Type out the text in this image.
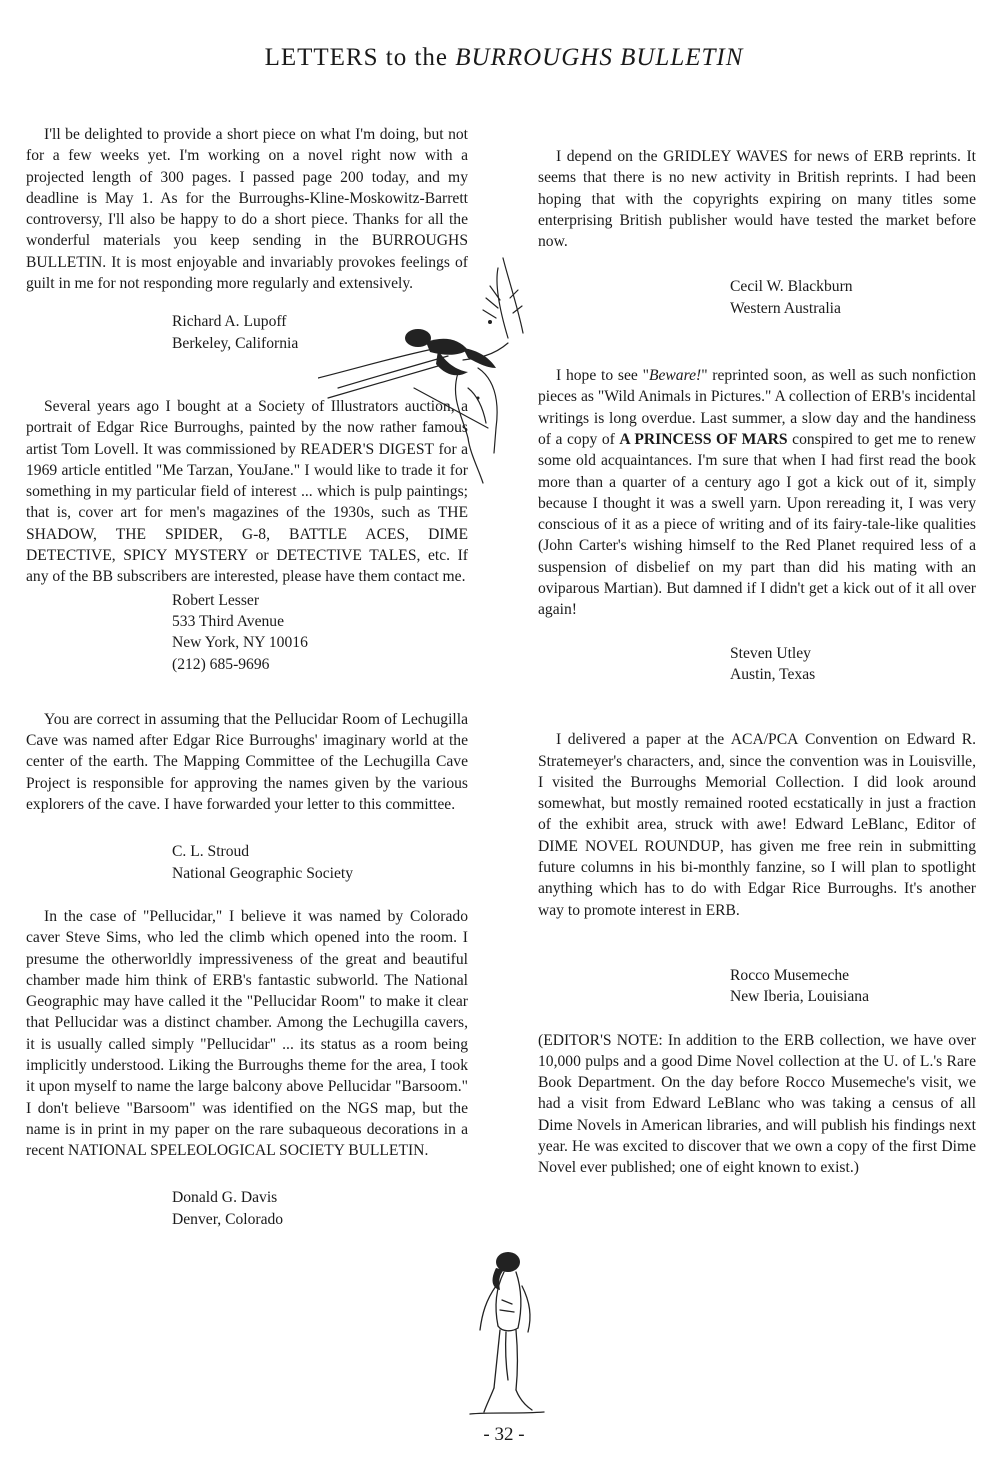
LETTERS to the BURROUGHS BULLETIN

I'll be delighted to provide a short piece on what I'm doing, but not for a few weeks yet. I'm working on a novel right now with a projected length of 300 pages. I passed page 200 today, and my deadline is May 1. As for the Burroughs-Kline-Moskowitz-Barrett controversy, I'll also be happy to do a short piece. Thanks for all the wonderful materials you keep sending in the BURROUGHS BULLETIN. It is most enjoyable and invariably provokes feelings of guilt in me for not responding more regularly and extensively.

Richard A. Lupoff
Berkeley, California

Several years ago I bought at a Society of Illustrators auction, a portrait of Edgar Rice Burroughs, painted by the now rather famous artist Tom Lovell. It was commissioned by READER'S DIGEST for a 1969 article entitled "Me Tarzan, YouJane." I would like to trade it for something in my particular field of interest ... which is pulp paintings; that is, cover art for men's magazines of the 1930s, such as THE SHADOW, THE SPIDER, G-8, BATTLE ACES, DIME DETECTIVE, SPICY MYSTERY or DETECTIVE TALES, etc. If any of the BB subscribers are interested, please have them contact me.

Robert Lesser
533 Third Avenue
New York, NY 10016
(212) 685-9696

You are correct in assuming that the Pellucidar Room of Lechugilla Cave was named after Edgar Rice Burroughs' imaginary world at the center of the earth. The Mapping Committee of the Lechugilla Cave Project is responsible for approving the names given by the various explorers of the cave. I have forwarded your letter to this committee.

C. L. Stroud
National Geographic Society

In the case of "Pellucidar," I believe it was named by Colorado caver Steve Sims, who led the climb which opened into the room. I presume the otherworldly impressiveness of the great and beautiful chamber made him think of ERB's fantastic subworld. The National Geographic may have called it the "Pellucidar Room" to make it clear that Pellucidar was a distinct chamber. Among the Lechugilla cavers, it is usually called simply "Pellucidar" ... its status as a room being implicitly understood. Liking the Burroughs theme for the area, I took it upon myself to name the large balcony above Pellucidar "Barsoom." I don't believe "Barsoom" was identified on the NGS map, but the name is in print in my paper on the rare subaqueous decorations in a recent NATIONAL SPELEOLOGICAL SOCIETY BULLETIN.

Donald G. Davis
Denver, Colorado

I depend on the GRIDLEY WAVES for news of ERB reprints. It seems that there is no new activity in British reprints. I had been hoping that with the copyrights expiring on many titles some enterprising British publisher would have tested the market before now.

Cecil W. Blackburn
Western Australia

I hope to see "Beware!" reprinted soon, as well as such nonfiction pieces as "Wild Animals in Pictures." A collection of ERB's incidental writings is long overdue. Last summer, a slow day and the handiness of a copy of A PRINCESS OF MARS conspired to get me to renew some old acquaintances. I'm sure that when I had first read the book more than a quarter of a century ago I got a kick out of it, simply because I thought it was a swell yarn. Upon rereading it, I was very conscious of it as a piece of writing and of its fairy-tale-like qualities (John Carter's wishing himself to the Red Planet required less of a suspension of disbelief on my part than did his mating with an oviparous Martian). But damned if I didn't get a kick out of it all over again!

Steven Utley
Austin, Texas

I delivered a paper at the ACA/PCA Convention on Edward R. Stratemeyer's characters, and, since the convention was in Louisville, I visited the Burroughs Memorial Collection. I did look around somewhat, but mostly remained rooted ecstatically in just a fraction of the exhibit area, struck with awe! Edward LeBlanc, Editor of DIME NOVEL ROUNDUP, has given me free rein in submitting future columns in his bi-monthly fanzine, so I will plan to spotlight anything which has to do with Edgar Rice Burroughs. It's another way to promote interest in ERB.

Rocco Musemeche
New Iberia, Louisiana

(EDITOR'S NOTE: In addition to the ERB collection, we have over 10,000 pulps and a good Dime Novel collection at the U. of L.'s Rare Book Department. On the day before Rocco Musemeche's visit, we had a visit from Edward LeBlanc who was taking a census of all Dime Novels in American libraries, and will publish his findings next year. He was excited to discover that we own a copy of the first Dime Novel ever published; one of eight known to exist.)

- 32 -
